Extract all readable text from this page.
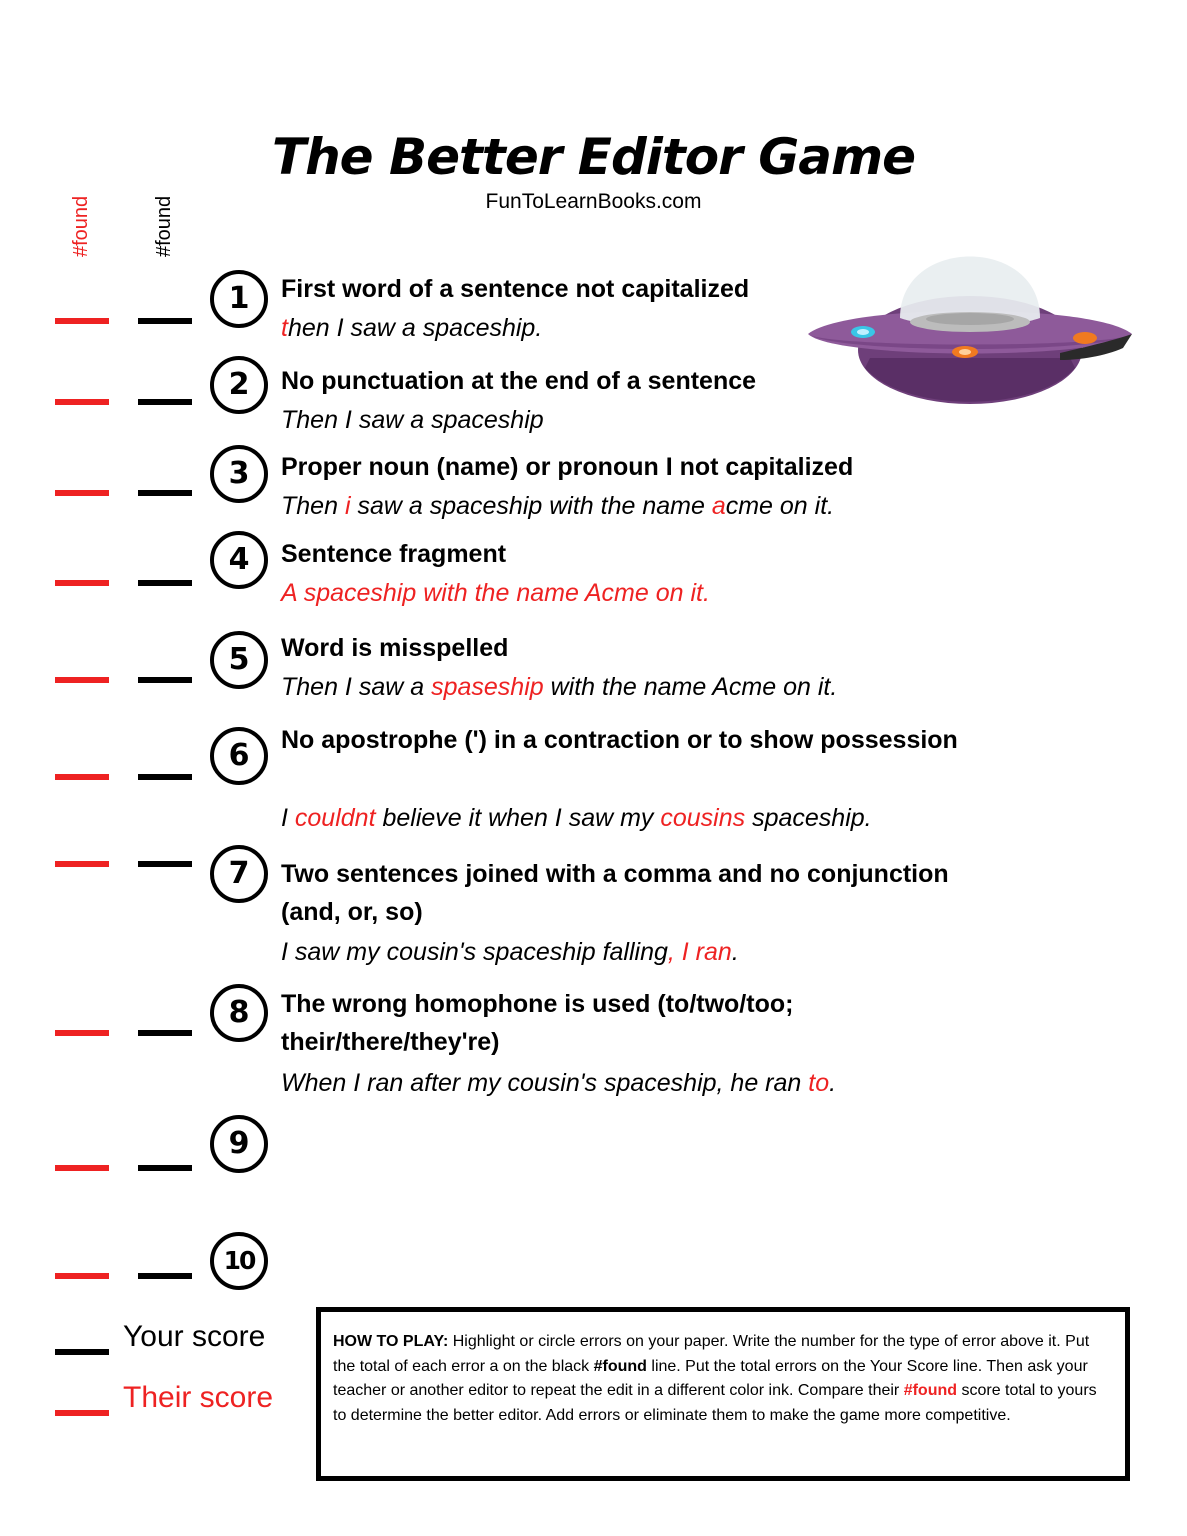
The Better Editor Game
FunToLearnBooks.com
#found	#found
1	First word of a sentence not capitalized
then I saw a spaceship.
2	No punctuation at the end of a sentence
Then I saw a spaceship
3	Proper noun (name) or pronoun I not capitalized
Then i saw a spaceship with the name acme on it.
4	Sentence fragment
A spaceship with the name Acme on it.
5	Word is misspelled
Then I saw a spaseship with the name Acme on it.
6	No apostrophe (') in a contraction or to show possession
I couldnt believe it when I saw my cousins spaceship.
7	Two sentences joined with a comma and no conjunction (and, or, so)
I saw my cousin's spaceship falling, I ran.
8	The wrong homophone is used (to/two/too; their/there/they're)
When I ran after my cousin's spaceship, he ran to.
9
10
Your score
Their score
HOW TO PLAY: Highlight or circle errors on your paper. Write the number for the type of error above it. Put the total of each error a on the black #found line. Put the total errors on the Your Score line. Then ask your teacher or another editor to repeat the edit in a different color ink. Compare their #found score total to yours to determine the better editor. Add errors or eliminate them to make the game more competitive.
